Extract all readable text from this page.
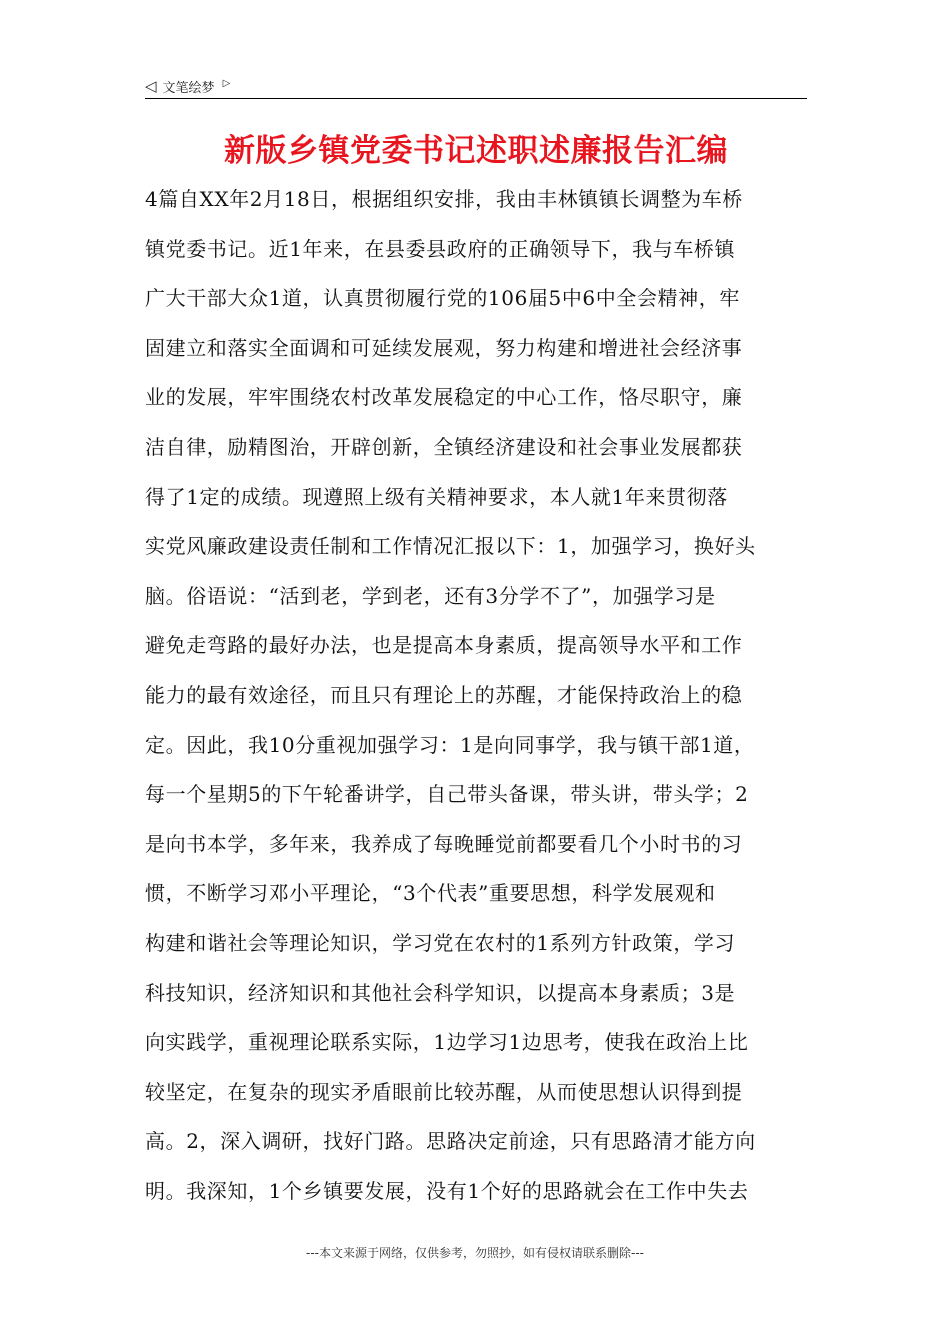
◁ 文笔绘梦 ▷
新版乡镇党委书记述职述廉报告汇编
4篇自XX年2月18日，根据组织安排，我由丰林镇镇长调整为车桥
镇党委书记。近1年来，在县委县政府的正确领导下，我与车桥镇
广大干部大众1道，认真贯彻履行党的106届5中6中全会精神，牢
固建立和落实全面调和可延续发展观，努力构建和增进社会经济事
业的发展，牢牢围绕农村改革发展稳定的中心工作，恪尽职守，廉
洁自律，励精图治，开辟创新，全镇经济建设和社会事业发展都获
得了1定的成绩。现遵照上级有关精神要求，本人就1年来贯彻落
实党风廉政建设责任制和工作情况汇报以下：1，加强学习，换好头
脑。俗语说：“活到老，学到老，还有3分学不了”，加强学习是
避免走弯路的最好办法，也是提高本身素质，提高领导水平和工作
能力的最有效途径，而且只有理论上的苏醒，才能保持政治上的稳
定。因此，我10分重视加强学习：1是向同事学，我与镇干部1道，
每一个星期5的下午轮番讲学，自己带头备课，带头讲，带头学；2
是向书本学，多年来，我养成了每晚睡觉前都要看几个小时书的习
惯，不断学习邓小平理论，“3个代表”重要思想，科学发展观和
构建和谐社会等理论知识，学习党在农村的1系列方针政策，学习
科技知识，经济知识和其他社会科学知识，以提高本身素质；3是
向实践学，重视理论联系实际，1边学习1边思考，使我在政治上比
较坚定，在复杂的现实矛盾眼前比较苏醒，从而使思想认识得到提
高。2，深入调研，找好门路。思路决定前途，只有思路清才能方向
明。我深知，1个乡镇要发展，没有1个好的思路就会在工作中失去
---本文来源于网络，仅供参考，勿照抄，如有侵权请联系删除---
